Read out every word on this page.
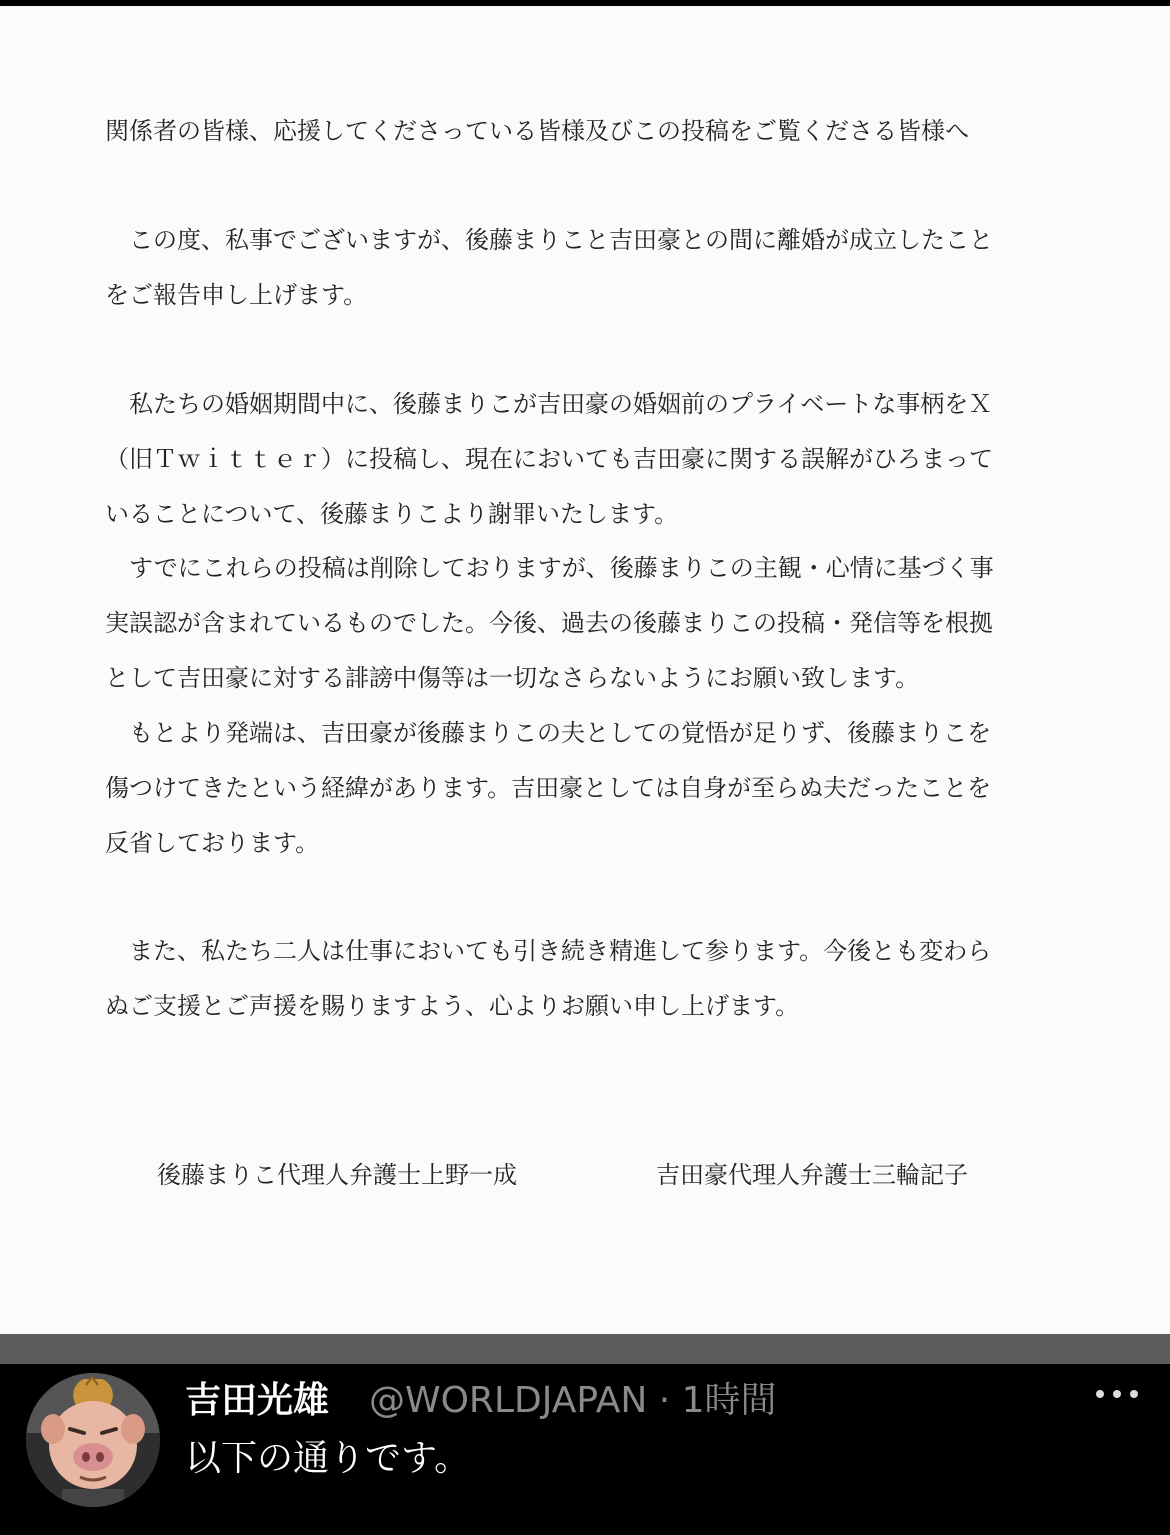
関係者の皆様、応援してくださっている皆様及びこの投稿をご覧くださる皆様へ

　この度、私事でございますが、後藤まりこと吉田豪との間に離婚が成立したこと

をご報告申し上げます。

　私たちの婚姻期間中に、後藤まりこが吉田豪の婚姻前のプライベートな事柄をＸ

（旧Ｔｗｉｔｔｅｒ）に投稿し、現在においても吉田豪に関する誤解がひろまって

いることについて、後藤まりこより謝罪いたします。

　すでにこれらの投稿は削除しておりますが、後藤まりこの主観・心情に基づく事

実誤認が含まれているものでした。今後、過去の後藤まりこの投稿・発信等を根拠

として吉田豪に対する誹謗中傷等は一切なさらないようにお願い致します。

　もとより発端は、吉田豪が後藤まりこの夫としての覚悟が足りず、後藤まりこを

傷つけてきたという経緯があります。吉田豪としては自身が至らぬ夫だったことを

反省しております。

　また、私たち二人は仕事においても引き続き精進して参ります。今後とも変わら

ぬご支援とご声援を賜りますよう、心よりお願い申し上げます。

後藤まりこ代理人弁護士上野一成	吉田豪代理人弁護士三輪記子

吉田光雄 @WORLDJAPAN · 1時間
以下の通りです。
